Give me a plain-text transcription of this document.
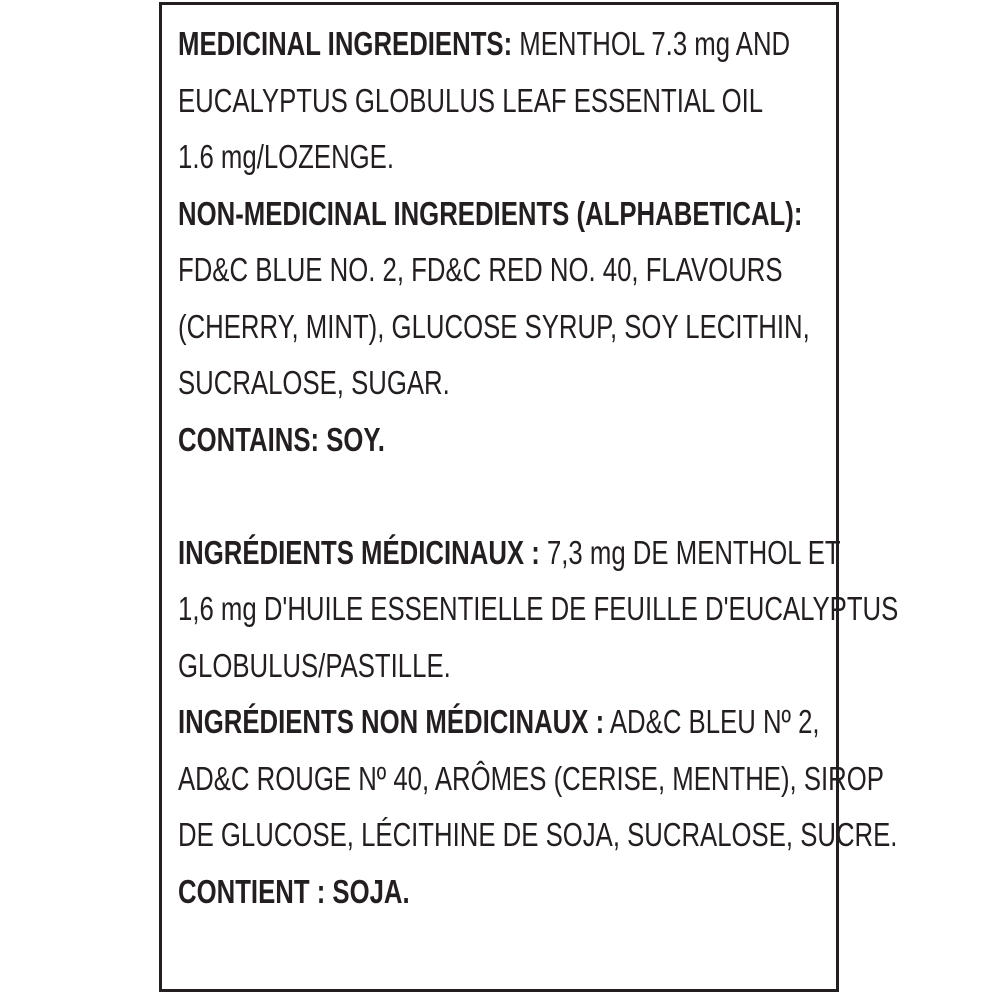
MEDICINAL INGREDIENTS: MENTHOL 7.3 mg AND
EUCALYPTUS GLOBULUS LEAF ESSENTIAL OIL
1.6 mg/LOZENGE.
NON-MEDICINAL INGREDIENTS (ALPHABETICAL):
FD&C BLUE NO. 2, FD&C RED NO. 40, FLAVOURS
(CHERRY, MINT), GLUCOSE SYRUP, SOY LECITHIN,
SUCRALOSE, SUGAR.
CONTAINS: SOY.
INGRÉDIENTS MÉDICINAUX : 7,3 mg DE MENTHOL ET
1,6 mg D'HUILE ESSENTIELLE DE FEUILLE D'EUCALYPTUS
GLOBULUS/PASTILLE.
INGRÉDIENTS NON MÉDICINAUX : AD&C BLEU Nº 2,
AD&C ROUGE Nº 40, ARÔMES (CERISE, MENTHE), SIROP
DE GLUCOSE, LÉCITHINE DE SOJA, SUCRALOSE, SUCRE.
CONTIENT : SOJA.
